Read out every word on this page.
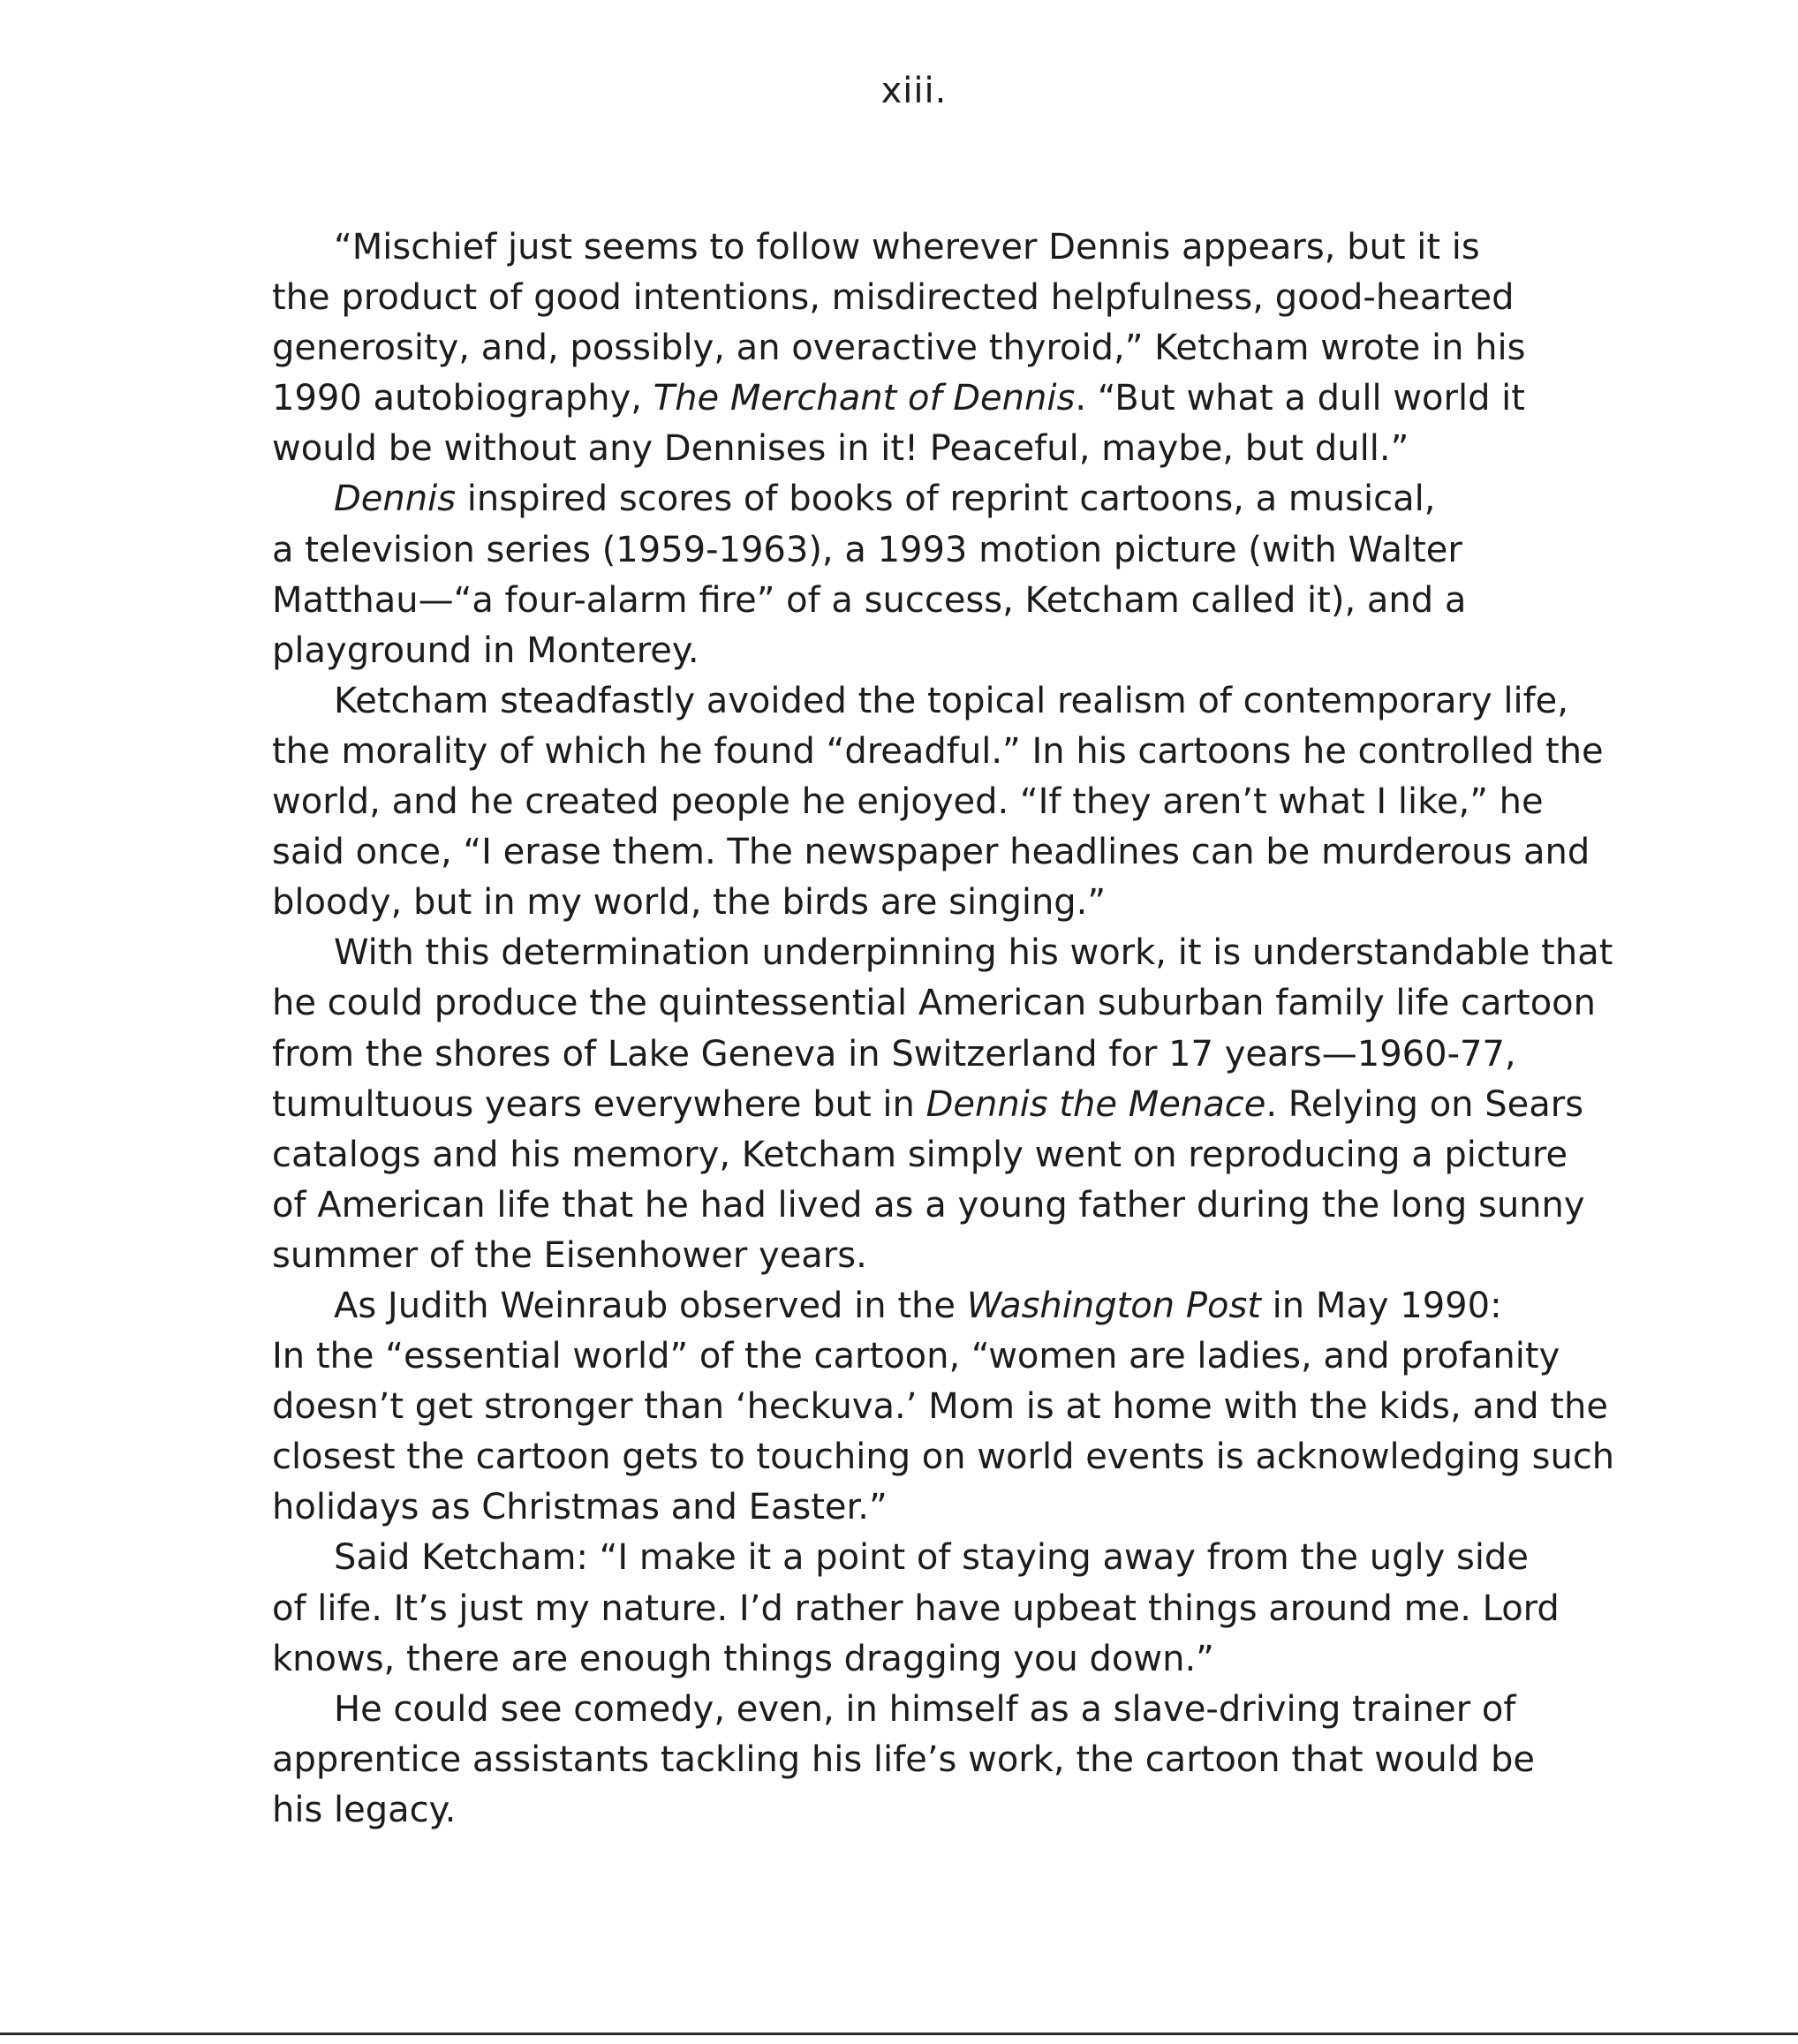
xiii.
“Mischief just seems to follow wherever Dennis appears, but it is
the product of good intentions, misdirected helpfulness, good-hearted
generosity, and, possibly, an overactive thyroid,” Ketcham wrote in his
1990 autobiography, The Merchant of Dennis. “But what a dull world it
would be without any Dennises in it! Peaceful, maybe, but dull.”
Dennis inspired scores of books of reprint cartoons, a musical,
a television series (1959-1963), a 1993 motion picture (with Walter
Matthau—“a four-alarm fire” of a success, Ketcham called it), and a
playground in Monterey.
Ketcham steadfastly avoided the topical realism of contemporary life,
the morality of which he found “dreadful.” In his cartoons he controlled the
world, and he created people he enjoyed. “If they aren’t what I like,” he
said once, “I erase them. The newspaper headlines can be murderous and
bloody, but in my world, the birds are singing.”
With this determination underpinning his work, it is understandable that
he could produce the quintessential American suburban family life cartoon
from the shores of Lake Geneva in Switzerland for 17 years—1960-77,
tumultuous years everywhere but in Dennis the Menace. Relying on Sears
catalogs and his memory, Ketcham simply went on reproducing a picture
of American life that he had lived as a young father during the long sunny
summer of the Eisenhower years.
As Judith Weinraub observed in the Washington Post in May 1990:
In the “essential world” of the cartoon, “women are ladies, and profanity
doesn’t get stronger than ‘heckuva.’ Mom is at home with the kids, and the
closest the cartoon gets to touching on world events is acknowledging such
holidays as Christmas and Easter.”
Said Ketcham: “I make it a point of staying away from the ugly side
of life. It’s just my nature. I’d rather have upbeat things around me. Lord
knows, there are enough things dragging you down.”
He could see comedy, even, in himself as a slave-driving trainer of
apprentice assistants tackling his life’s work, the cartoon that would be
his legacy.
